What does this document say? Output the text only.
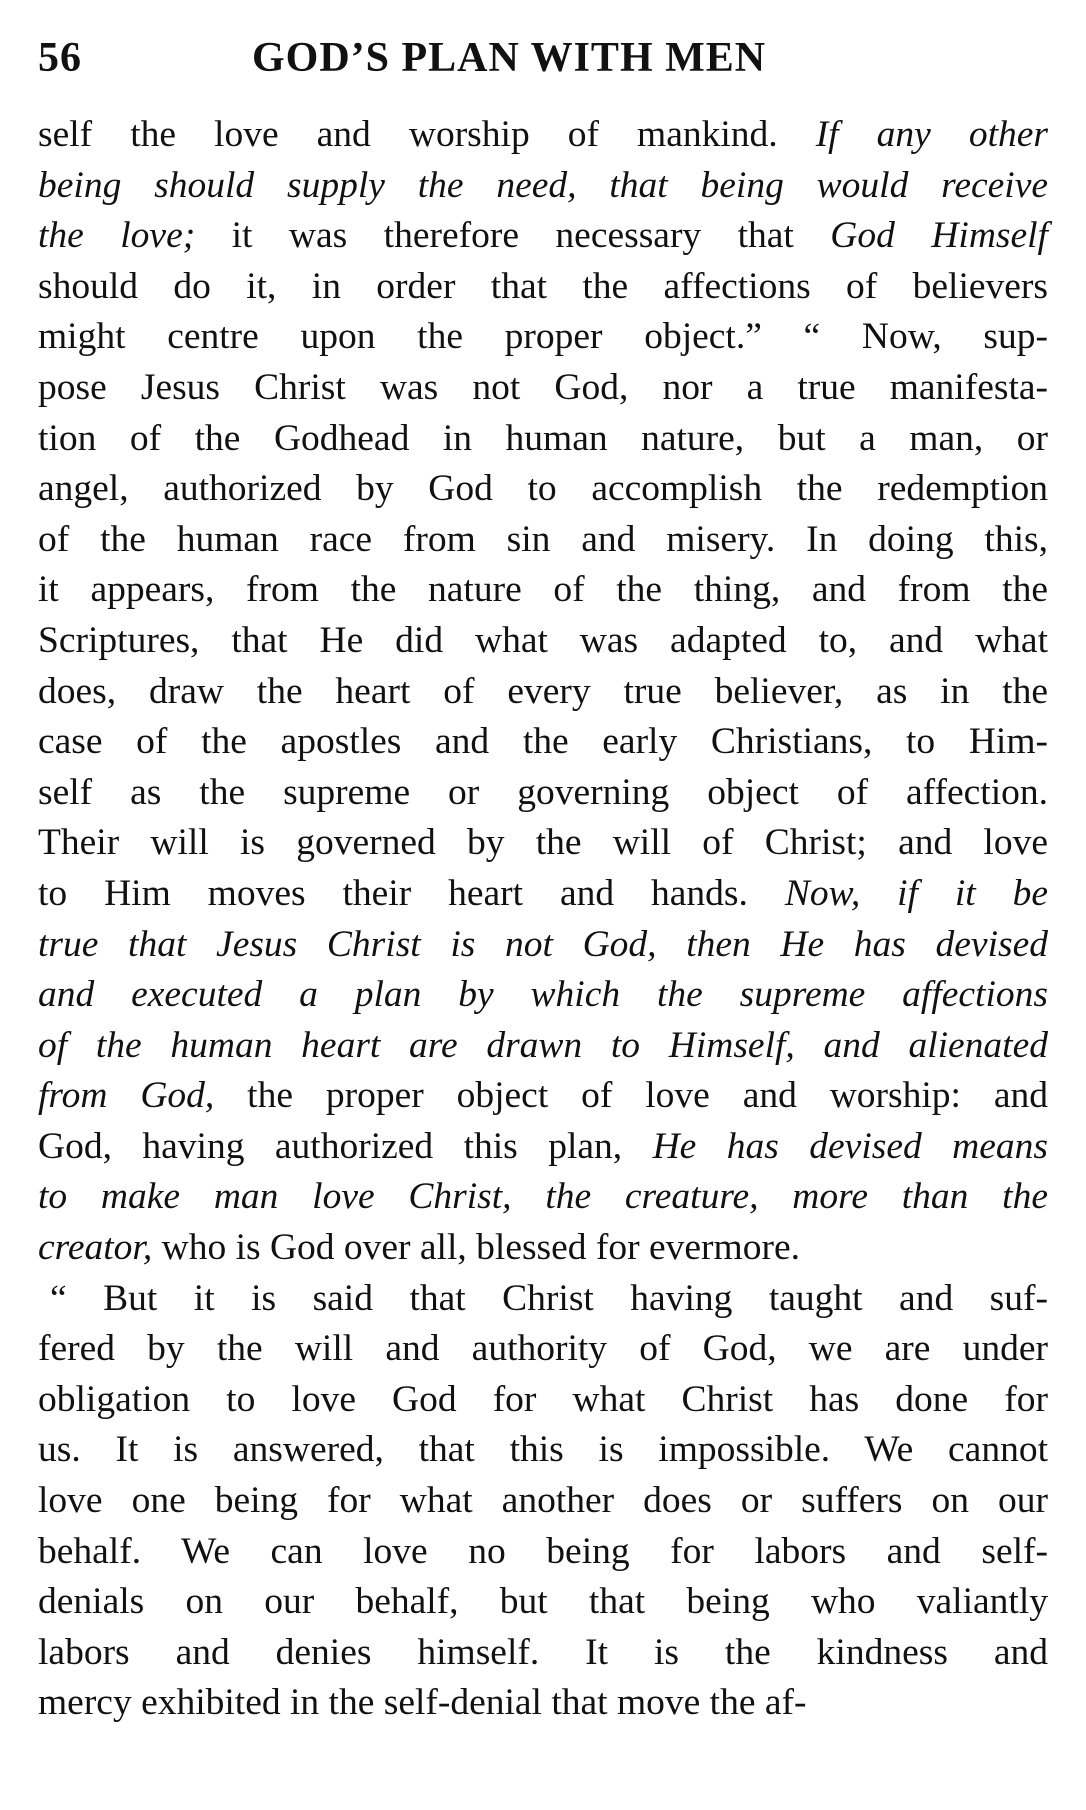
56	GOD’S PLAN WITH MEN
self the love and worship of mankind. If any other
being should supply the need, that being would receive
the love; it was therefore necessary that God Himself
should do it, in order that the affections of believers
might centre upon the proper object.” “ Now, sup-
pose Jesus Christ was not God, nor a true manifesta-
tion of the Godhead in human nature, but a man, or
angel, authorized by God to accomplish the redemption
of the human race from sin and misery. In doing this,
it appears, from the nature of the thing, and from the
Scriptures, that He did what was adapted to, and what
does, draw the heart of every true believer, as in the
case of the apostles and the early Christians, to Him-
self as the supreme or governing object of affection.
Their will is governed by the will of Christ; and love
to Him moves their heart and hands. Now, if it be
true that Jesus Christ is not God, then He has devised
and executed a plan by which the supreme affections
of the human heart are drawn to Himself, and alienated
from God, the proper object of love and worship: and
God, having authorized this plan, He has devised means
to make man love Christ, the creature, more than the
creator, who is God over all, blessed for evermore.
“ But it is said that Christ having taught and suf-
fered by the will and authority of God, we are under
obligation to love God for what Christ has done for
us. It is answered, that this is impossible. We cannot
love one being for what another does or suffers on our
behalf. We can love no being for labors and self-
denials on our behalf, but that being who valiantly
labors and denies himself. It is the kindness and
mercy exhibited in the self-denial that move the af-
